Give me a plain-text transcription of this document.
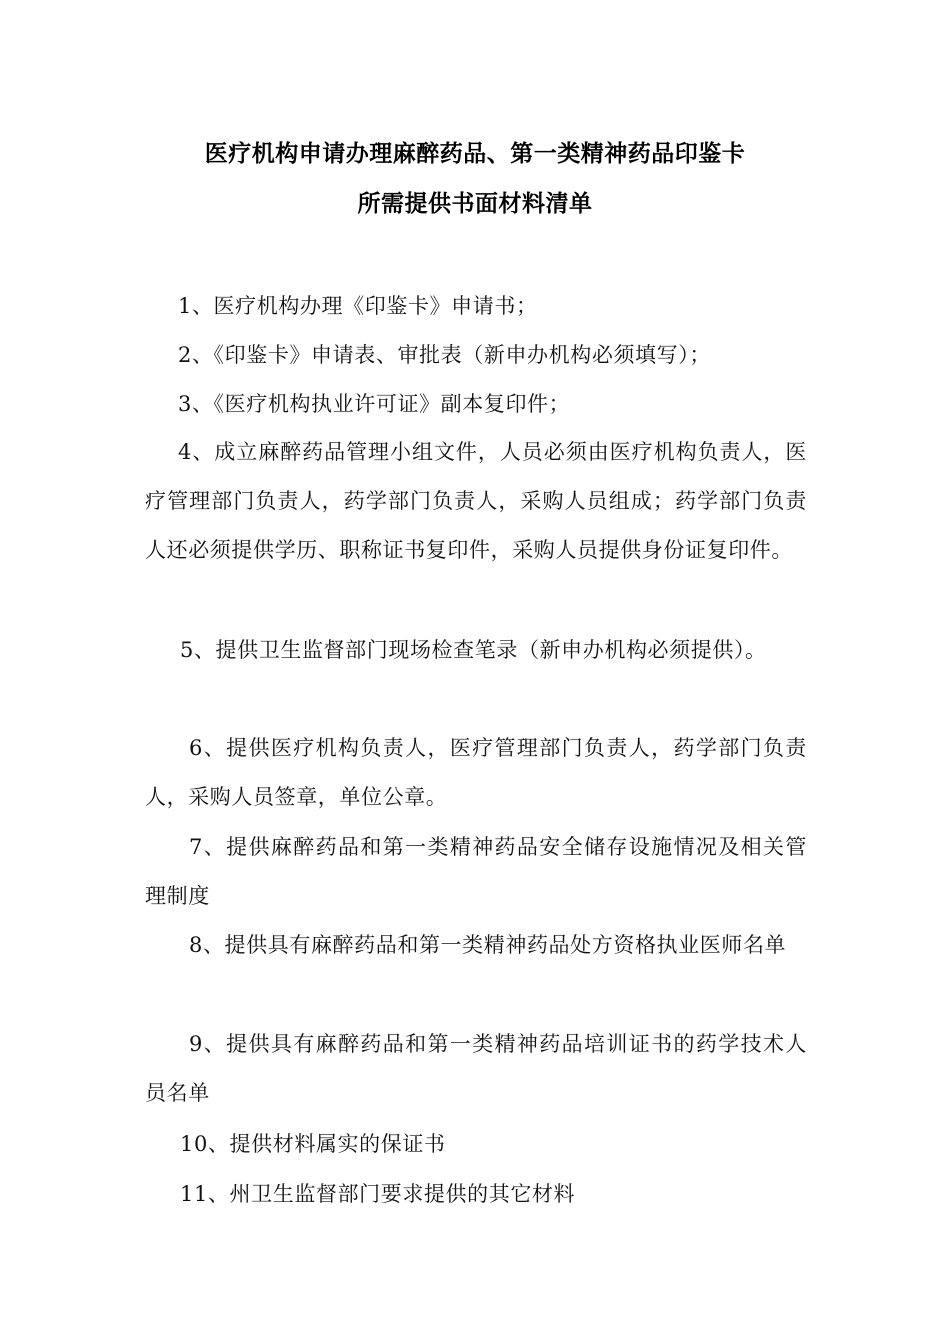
医疗机构申请办理麻醉药品、第一类精神药品印鉴卡
所需提供书面材料清单
1、医疗机构办理《印鉴卡》申请书；
2、《印鉴卡》申请表、审批表（新申办机构必须填写）；
3、《医疗机构执业许可证》副本复印件；
4、成立麻醉药品管理小组文件，人员必须由医疗机构负责人，医疗管理部门负责人，药学部门负责人，采购人员组成；药学部门负责人还必须提供学历、职称证书复印件，采购人员提供身份证复印件。
5、提供卫生监督部门现场检查笔录（新申办机构必须提供）。
6、提供医疗机构负责人，医疗管理部门负责人，药学部门负责人，采购人员签章，单位公章。
7、提供麻醉药品和第一类精神药品安全储存设施情况及相关管理制度
8、提供具有麻醉药品和第一类精神药品处方资格执业医师名单
9、提供具有麻醉药品和第一类精神药品培训证书的药学技术人员名单
10、提供材料属实的保证书
11、州卫生监督部门要求提供的其它材料
